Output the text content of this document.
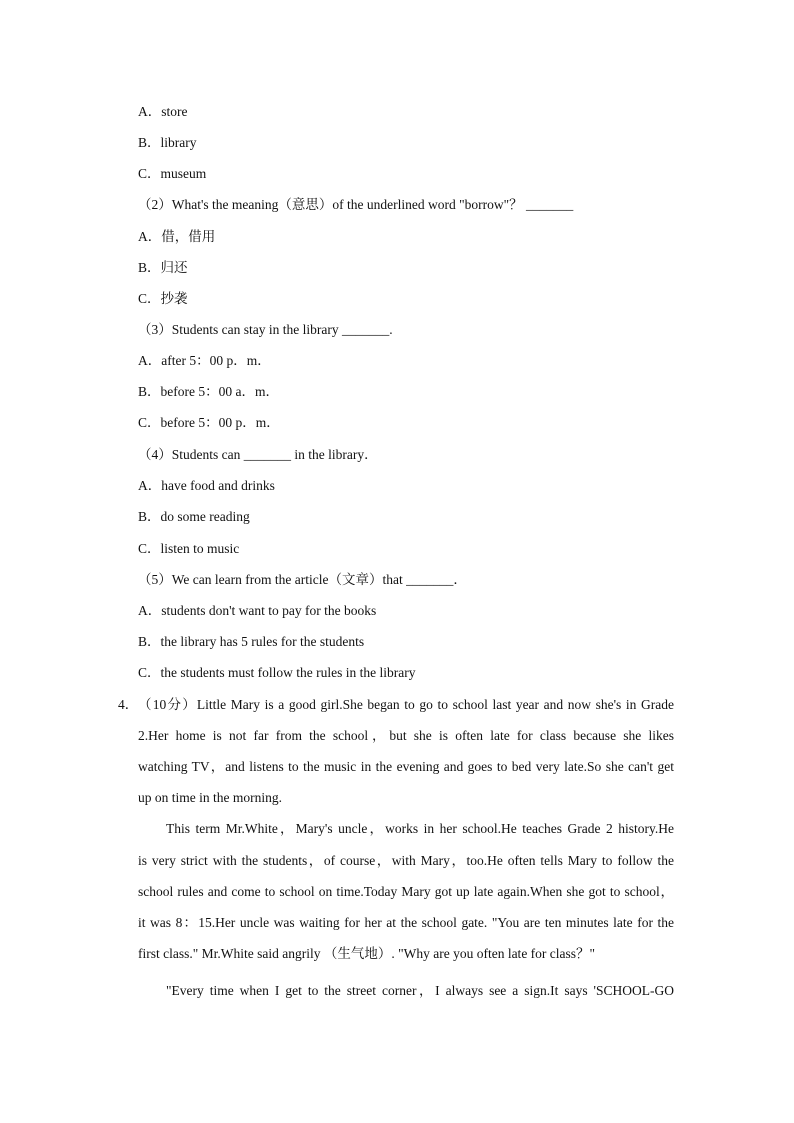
A．store
B．library
C．museum
（2）What's the meaning（意思）of the underlined word "borrow"？ _______
A．借，借用
B．归还
C．抄袭
（3）Students can stay in the library _______.
A．after 5：00 p．m．
B．before 5：00 a．m．
C．before 5：00 p．m．
（4）Students can _______ in the library．
A．have food and drinks
B．do some reading
C．listen to music
（5）We can learn from the article（文章）that _______．
A．students don't want to pay for the books
B．the library has 5 rules for the students
C．the students must follow the rules in the library
4． （10分）Little Mary is a good girl.She began to go to school last year and now she's in Grade
2.Her home is not far from the school，but she is often late for class because she likes
watching TV，and listens to the music in the evening and goes to bed very late.So she can't get
up on time in the morning.
This term Mr.White，Mary's uncle，works in her school.He teaches Grade 2 history.He
is very strict with the students，of course，with Mary，too.He often tells Mary to follow the
school rules and come to school on time.Today Mary got up late again.When she got to school，
it was 8：15.Her uncle was waiting for her at the school gate. "You are ten minutes late for the
first class." Mr.White said angrily （生气地）. "Why are you often late for class？"
"Every time when I get to the street corner，I always see a sign.It says 'SCHOOL-GO
